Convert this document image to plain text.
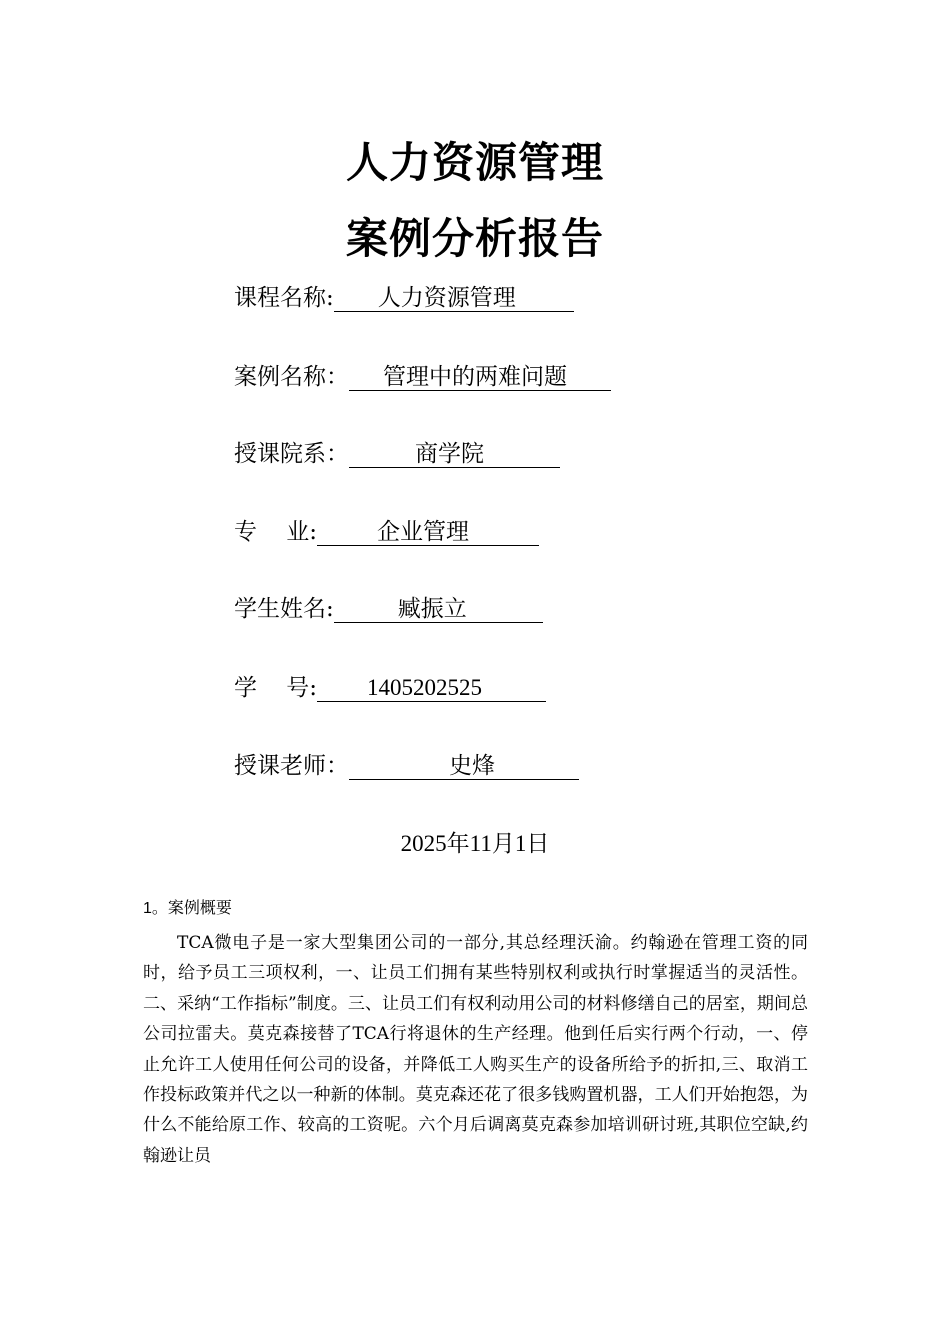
人力资源管理
案例分析报告
课程名称: 人力资源管理
案例名称： 管理中的两难问题
授课院系：	商学院
专    业:	企业管理
学生姓名:	臧振立
学    号: 1405202525
授课老师：	史烽
2025年11月1日
1。案例概要
TCA微电子是一家大型集团公司的一部分,其总经理沃渝。约翰逊在管理工资的同时，给予员工三项权利，一、让员工们拥有某些特别权利或执行时掌握适当的灵活性。二、采纳“工作指标”制度。三、让员工们有权利动用公司的材料修缮自己的居室，期间总公司拉雷夫。莫克森接替了TCA行将退休的生产经理。他到任后实行两个行动，一、停止允许工人使用任何公司的设备，并降低工人购买生产的设备所给予的折扣,三、取消工作投标政策并代之以一种新的体制。莫克森还花了很多钱购置机器，工人们开始抱怨，为什么不能给原工作、较高的工资呢。六个月后调离莫克森参加培训研讨班,其职位空缺,约翰逊让员
